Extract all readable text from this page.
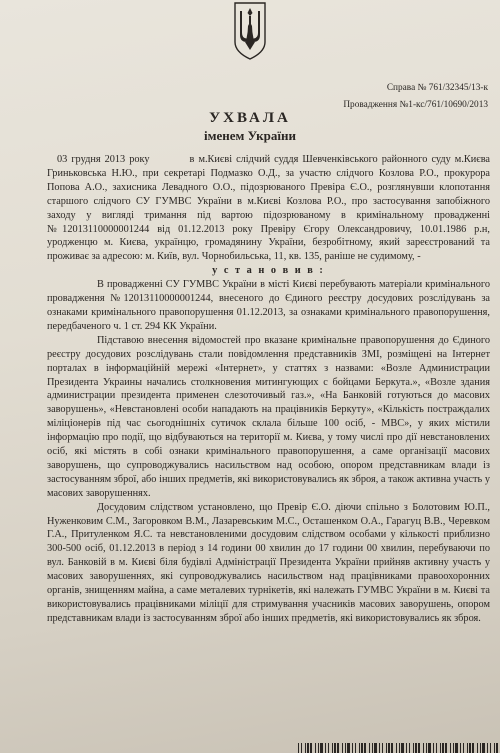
Справа № 761/32345/13-к
Провадження №1-кс/761/10690/2013
УХВАЛА
іменем України

03 грудня 2013 року	в м.Києві слідчий суддя Шевченківського районного суду м.Києва Гриньковська Н.Ю., при секретарі Подмазко О.Д., за участю слідчого Козлова Р.О., прокурора Попова А.О., захисника Левадного О.О., підозрюваного Превіра Є.О., розглянувши клопотання старшого слідчого СУ ГУМВС України в м.Києві Козлова Р.О., про застосування запобіжного заходу у вигляді тримання під вартою підозрюваному в кримінальному провадженні №12013110000001244 від 01.12.2013 року Превіру Єгору Олександровичу, 10.01.1986 р.н, уродженцю м. Києва, українцю, громадянину України, безробітному, який зареєстрований та проживає за адресою: м. Київ, вул. Чорнобильська, 11, кв. 135, раніше не судимому, -

у с т а н о в и в :

В провадженні СУ ГУМВС України в місті Києві перебувають матеріали кримінального провадження №12013110000001244, внесеного до Єдиного реєстру досудових розслідувань за ознаками кримінального правопорушення 01.12.2013, за ознаками кримінального правопорушення, передбаченого ч. 1 ст. 294 КК України.

Підставою внесення відомостей про вказане кримінальне правопорушення до Єдиного реєстру досудових розслідувань стали повідомлення представників ЗМІ, розміщені на Інтернет порталах в інформаційній мережі «Інтернет», у статтях з назвами: «Возле Администрации Президента Украины начались столкновения митингующих с бойцами Беркута.», «Возле здания администрации президента применен слезоточивый газ.», «На Банковій готуються до масових заворушень», «Невстановлені особи нападають на працівників Беркуту», «Кількість постраждалих міліціонерів під час сьогоднішніх сутичок склала більше 100 осіб, - МВС», у яких містили інформацію про події, що відбуваються на території м. Києва, у тому числі про дії невстановлених осіб, які містять в собі ознаки кримінального правопорушення, а саме організації масових заворушень, що супроводжувались насильством над особою, опором представникам влади із застосуванням зброї, або інших предметів, які використовувались як зброя, а також активна участь у масових заворушеннях.

Досудовим слідством установлено, що Превір Є.О. діючи спільно з Болотовим Ю.П., Нуженковим С.М., Загоровком В.М., Лазаревським М.С., Осташенком О.А., Гарагуц В.В., Черевком Г.А., Притуленком Я.С. та невстановленими досудовим слідством особами у кількості приблизно 300-500 осіб, 01.12.2013 в період з 14 години 00 хвилин до 17 години 00 хвилин, перебуваючи по вул. Банковій в м. Києві біля будівлі Адміністрації Президента України прийняв активну участь у масових заворушеннях, які супроводжувались насильством над працівниками правоохоронних органів, знищенням майна, а саме металевих турнікетів, які належать ГУМВС України в м. Києві та використовувались працівниками міліції для стримування учасників масових заворушень, опором представникам влади із застосуванням зброї або інших предметів, які використовувались як зброя.
